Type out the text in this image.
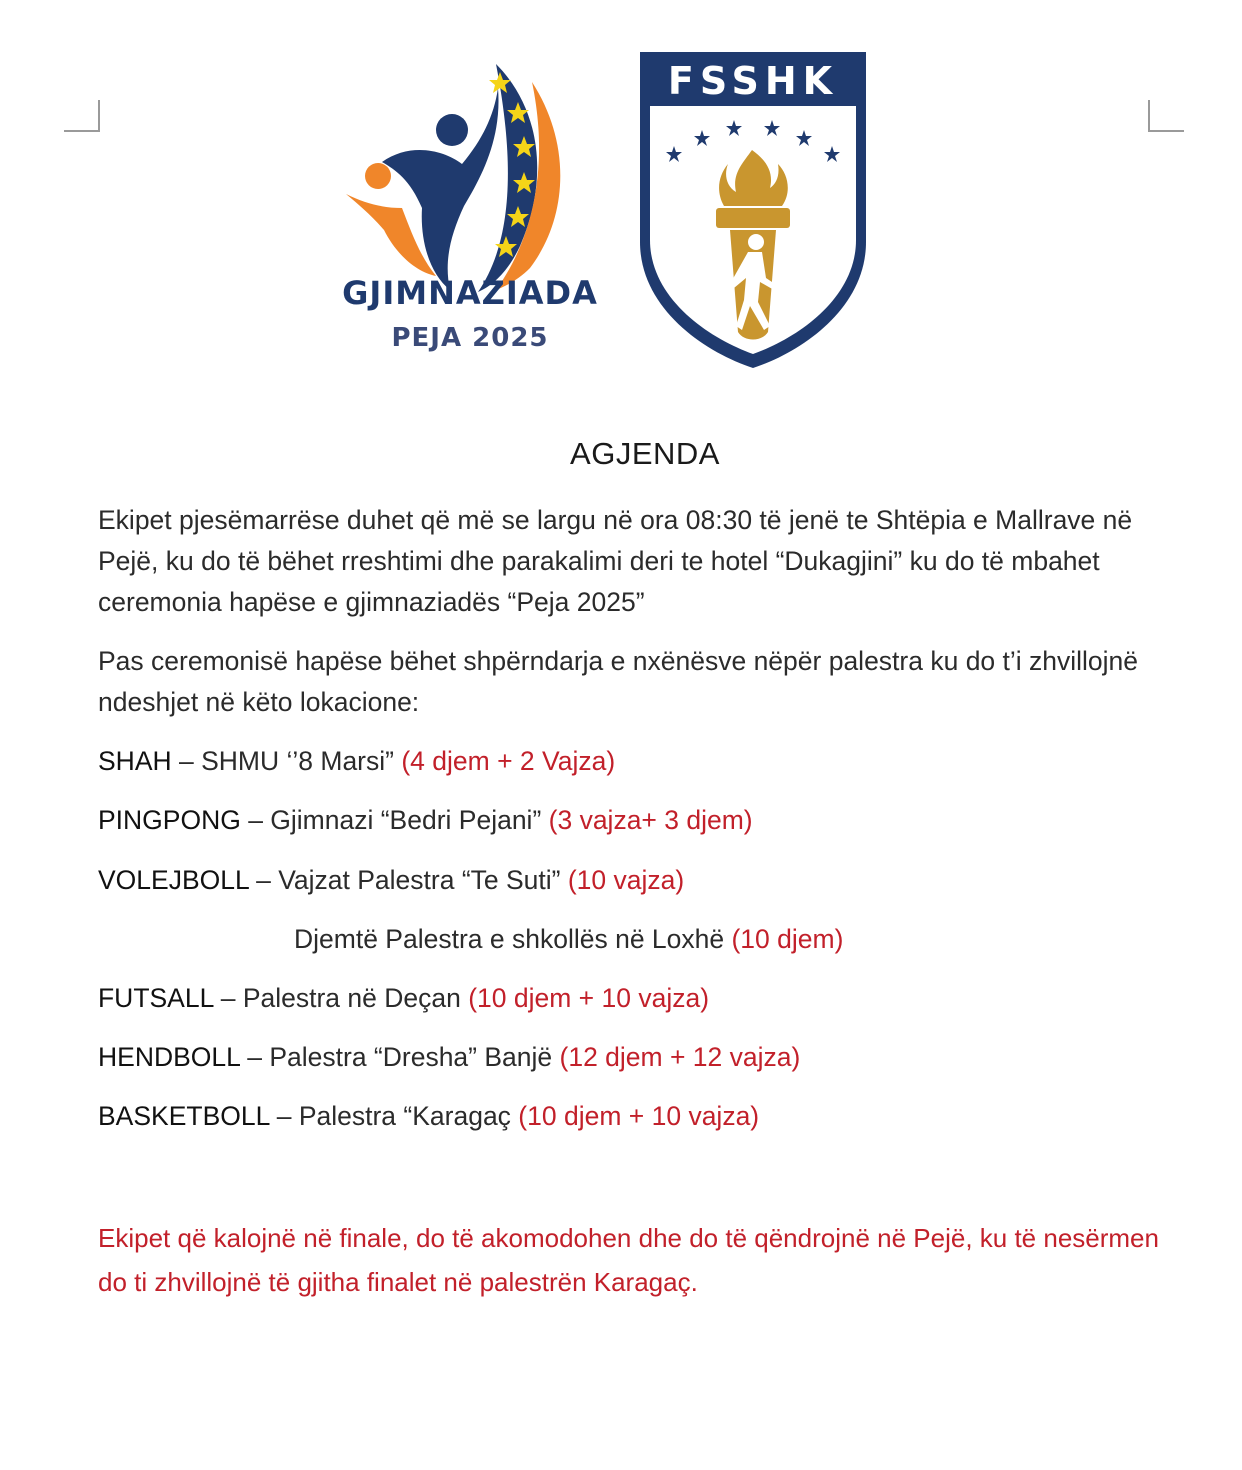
GJIMNAZIADA
PEJA 2025
FSSHK
AGJENDA
Ekipet pjesëmarrëse duhet që më se largu në ora 08:30 të jenë te Shtëpia e Mallrave në Pejë, ku do të bëhet rreshtimi dhe parakalimi deri te hotel “Dukagjini” ku do të mbahet ceremonia hapëse e gjimnaziadës “Peja 2025”
Pas ceremonisë hapëse bëhet shpërndarja e nxënësve nëpër palestra ku do t’i zhvillojnë ndeshjet në këto lokacione:
SHAH – SHMU ‘’8 Marsi” (4 djem + 2 Vajza)
PINGPONG – Gjimnazi “Bedri Pejani” (3 vajza+ 3 djem)
VOLEJBOLL – Vajzat Palestra “Te Suti” (10 vajza)
Djemtë Palestra e shkollës në Loxhë (10 djem)
FUTSALL – Palestra në Deçan (10 djem + 10 vajza)
HENDBOLL – Palestra “Dresha” Banjë (12 djem + 12 vajza)
BASKETBOLL – Palestra “Karagaç (10 djem + 10 vajza)
Ekipet që kalojnë në finale, do të akomodohen dhe do të qëndrojnë në Pejë, ku të nesërmen do ti zhvillojnë të gjitha finalet në palestrën Karagaç.
